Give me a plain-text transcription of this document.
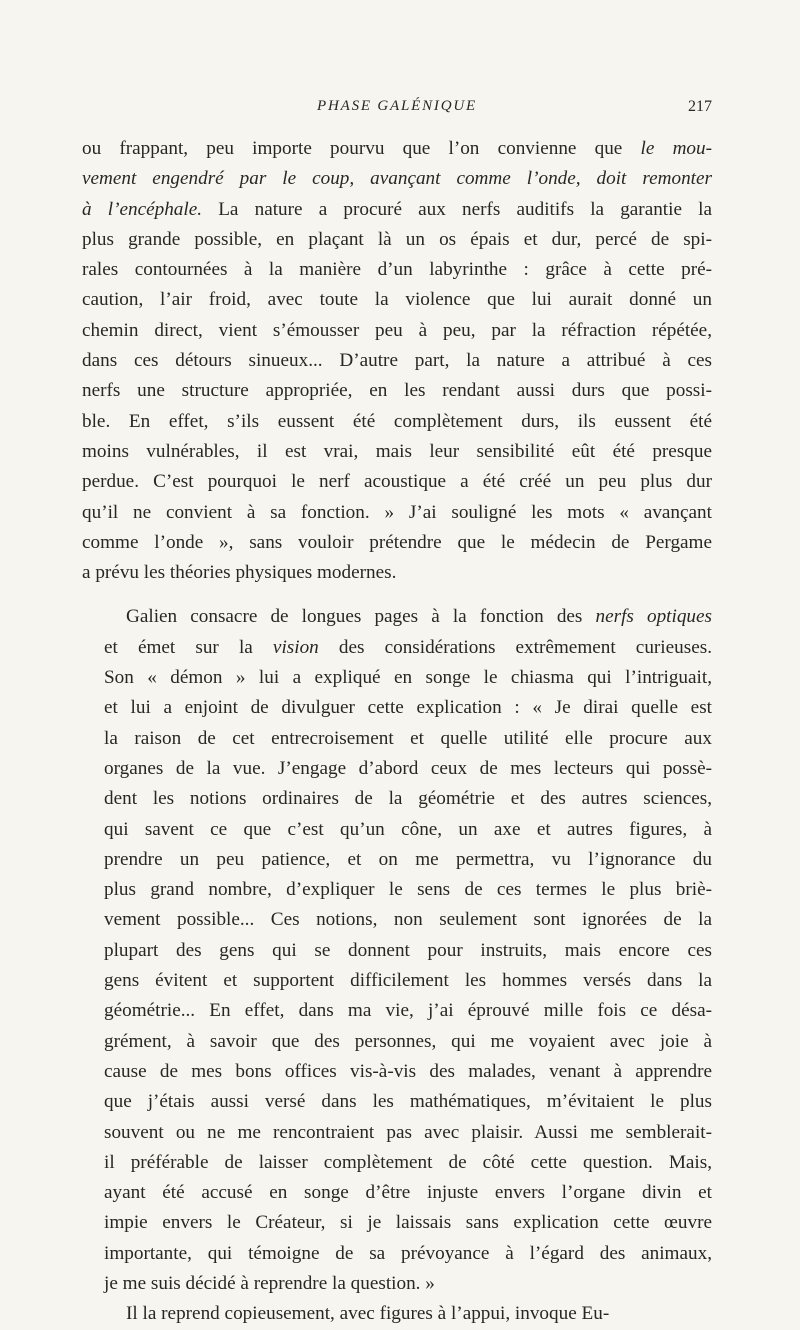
PHASE GALÉNIQUE	217

ou frappant, peu importe pourvu que l’on convienne que le mou-
vement engendré par le coup, avançant comme l’onde, doit remonter
à l’encéphale. La nature a procuré aux nerfs auditifs la garantie la
plus grande possible, en plaçant là un os épais et dur, percé de spi-
rales contournées à la manière d’un labyrinthe : grâce à cette pré-
caution, l’air froid, avec toute la violence que lui aurait donné un
chemin direct, vient s’émousser peu à peu, par la réfraction répétée,
dans ces détours sinueux... D’autre part, la nature a attribué à ces
nerfs une structure appropriée, en les rendant aussi durs que possi-
ble. En effet, s’ils eussent été complètement durs, ils eussent été
moins vulnérables, il est vrai, mais leur sensibilité eût été presque
perdue. C’est pourquoi le nerf acoustique a été créé un peu plus dur
qu’il ne convient à sa fonction. » J’ai souligné les mots « avançant
comme l’onde », sans vouloir prétendre que le médecin de Pergame
a prévu les théories physiques modernes.

Galien consacre de longues pages à la fonction des nerfs optiques
et émet sur la vision des considérations extrêmement curieuses.
Son « démon » lui a expliqué en songe le chiasma qui l’intriguait,
et lui a enjoint de divulguer cette explication : « Je dirai quelle est
la raison de cet entrecroisement et quelle utilité elle procure aux
organes de la vue. J’engage d’abord ceux de mes lecteurs qui possè-
dent les notions ordinaires de la géométrie et des autres sciences,
qui savent ce que c’est qu’un cône, un axe et autres figures, à
prendre un peu patience, et on me permettra, vu l’ignorance du
plus grand nombre, d’expliquer le sens de ces termes le plus briè-
vement possible... Ces notions, non seulement sont ignorées de la
plupart des gens qui se donnent pour instruits, mais encore ces
gens évitent et supportent difficilement les hommes versés dans la
géométrie... En effet, dans ma vie, j’ai éprouvé mille fois ce désa-
grément, à savoir que des personnes, qui me voyaient avec joie à
cause de mes bons offices vis-à-vis des malades, venant à apprendre
que j’étais aussi versé dans les mathématiques, m’évitaient le plus
souvent ou ne me rencontraient pas avec plaisir. Aussi me semblerait-
il préférable de laisser complètement de côté cette question. Mais,
ayant été accusé en songe d’être injuste envers l’organe divin et
impie envers le Créateur, si je laissais sans explication cette œuvre
importante, qui témoigne de sa prévoyance à l’égard des animaux,
je me suis décidé à reprendre la question. »

Il la reprend copieusement, avec figures à l’appui, invoque Eu-
